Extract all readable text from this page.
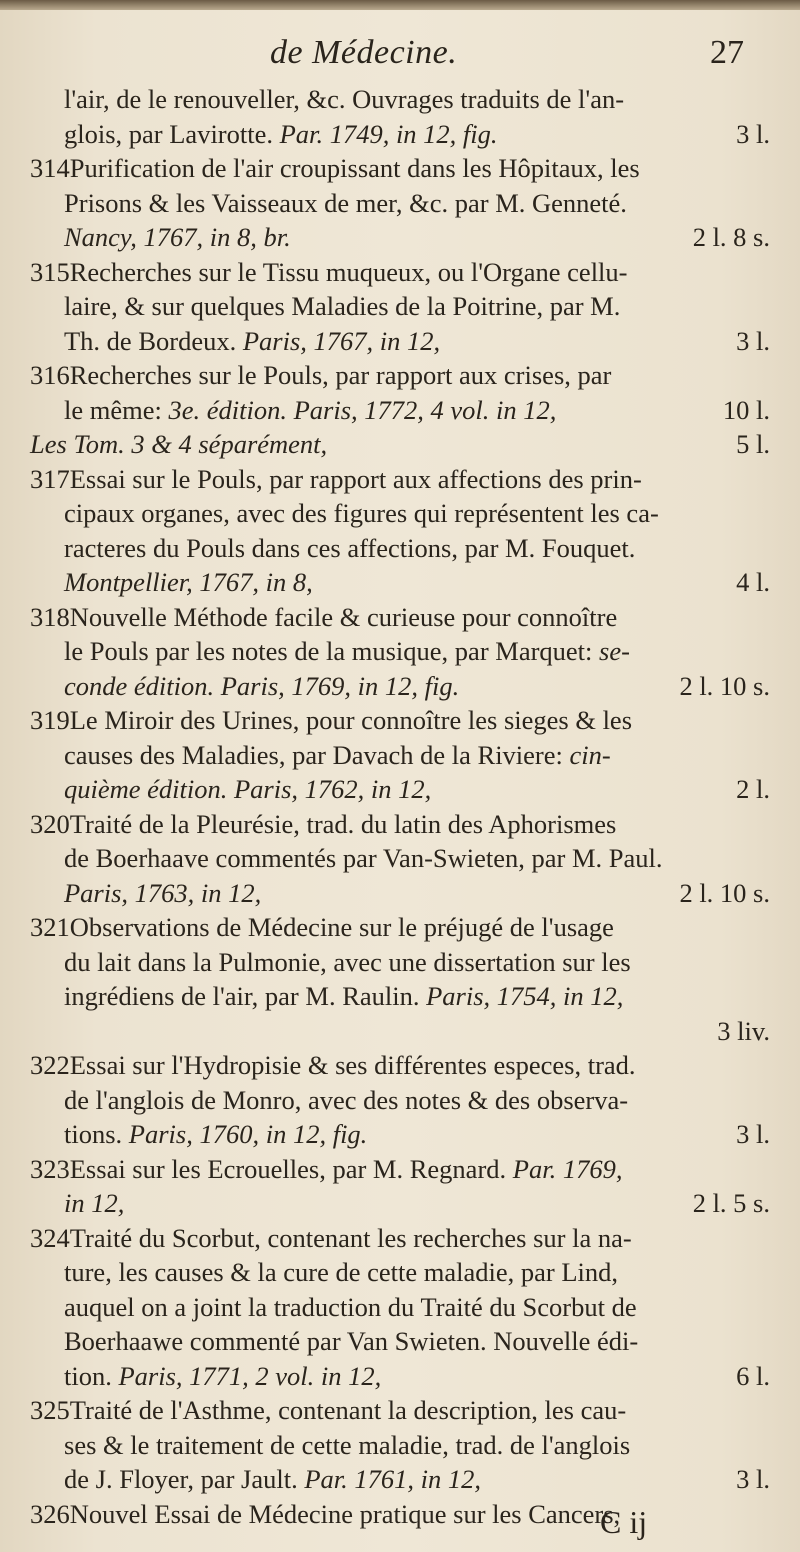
de Médecine.	27
l'air, de le renouveller, &c. Ouvrages traduits de l'an-
glois, par Lavirotte. Par. 1749, in 12, fig.	3 l.
314Purification de l'air croupissant dans les Hôpitaux, les
Prisons & les Vaisseaux de mer, &c. par M. Genneté.
Nancy, 1767, in 8, br.	2 l. 8 s.
315Recherches sur le Tissu muqueux, ou l'Organe cellu-
laire, & sur quelques Maladies de la Poitrine, par M.
Th. de Bordeux. Paris, 1767, in 12,	3 l.
316Recherches sur le Pouls, par rapport aux crises, par
le même: 3e. édition. Paris, 1772, 4 vol. in 12,	10 l.
Les Tom. 3 & 4 séparément,	5 l.
317Essai sur le Pouls, par rapport aux affections des prin-
cipaux organes, avec des figures qui représentent les ca-
racteres du Pouls dans ces affections, par M. Fouquet.
Montpellier, 1767, in 8,	4 l.
318Nouvelle Méthode facile & curieuse pour connoître
le Pouls par les notes de la musique, par Marquet: se-
conde édition. Paris, 1769, in 12, fig.	2 l. 10 s.
319Le Miroir des Urines, pour connoître les sieges & les
causes des Maladies, par Davach de la Riviere: cin-
quième édition. Paris, 1762, in 12,	2 l.
320Traité de la Pleurésie, trad. du latin des Aphorismes
de Boerhaave commentés par Van-Swieten, par M. Paul.
Paris, 1763, in 12,	2 l. 10 s.
321Observations de Médecine sur le préjugé de l'usage
du lait dans la Pulmonie, avec une dissertation sur les
ingrédiens de l'air, par M. Raulin. Paris, 1754, in 12,
3 liv.
322Essai sur l'Hydropisie & ses différentes especes, trad.
de l'anglois de Monro, avec des notes & des observa-
tions. Paris, 1760, in 12, fig.	3 l.
323Essai sur les Ecrouelles, par M. Regnard. Par. 1769,
in 12,	2 l. 5 s.
324Traité du Scorbut, contenant les recherches sur la na-
ture, les causes & la cure de cette maladie, par Lind,
auquel on a joint la traduction du Traité du Scorbut de
Boerhaawe commenté par Van Swieten. Nouvelle édi-
tion. Paris, 1771, 2 vol. in 12,	6 l.
325Traité de l'Asthme, contenant la description, les cau-
ses & le traitement de cette maladie, trad. de l'anglois
de J. Floyer, par Jault. Par. 1761, in 12,	3 l.
326Nouvel Essai de Médecine pratique sur les Cancers,
C ij
